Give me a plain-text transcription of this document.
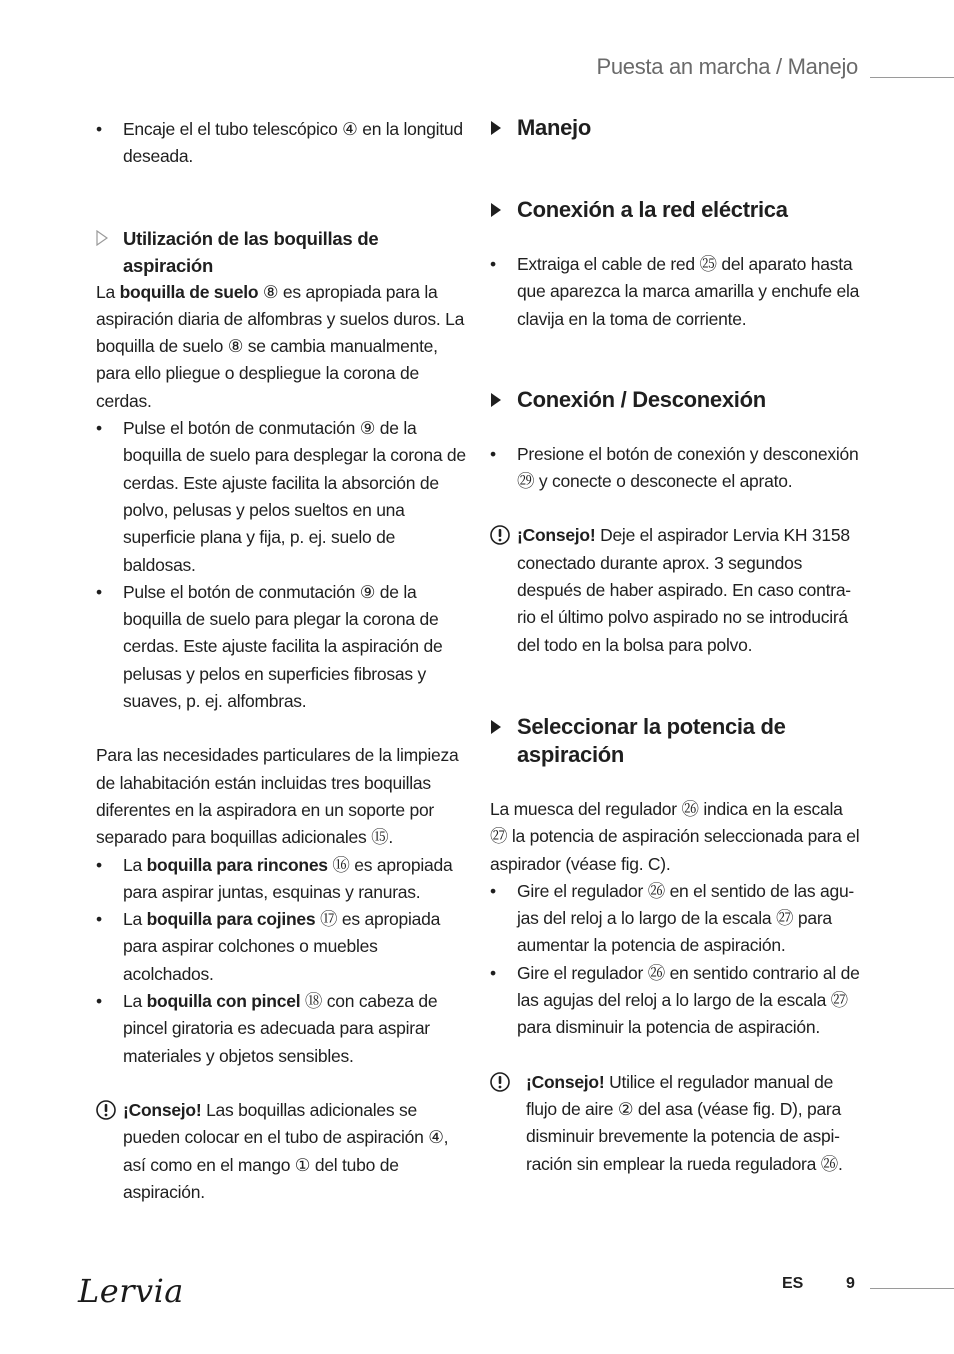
Puesta an marcha / Manejo

• Encaje el el tubo telescópico ④ en la longitud deseada.

Utilización de las boquillas de aspiración

La boquilla de suelo ⑧ es apropiada para la aspiración diaria de alfombras y suelos duros. La boquilla de suelo ⑧ se cambia manualmente, para ello pliegue o despliegue la corona de cerdas.

• Pulse el botón de conmutación ⑨ de la boquilla de suelo para desplegar la corona de cerdas. Este ajuste facilita la absorción de polvo, pelusas y pelos sueltos en una superficie plana y fija, p. ej. suelo de baldosas.

• Pulse el botón de conmutación ⑨ de la boquilla de suelo para plegar la corona de cerdas. Este ajuste facilita la aspiración de pelusas y pelos en superficies fibrosas y suaves, p. ej. alfombras.

Para las necesidades particulares de la limpieza de lahabitación están incluidas tres boquillas diferentes en la aspiradora en un soporte por separado para boquillas adicionales ⑮.

• La boquilla para rincones ⑯ es apropiada para aspirar juntas, esquinas y ranuras.

• La boquilla para cojines ⑰ es apropiada para aspirar colchones o muebles acolchados.

• La boquilla con pincel ⑱ con cabeza de pincel giratoria es adecuada para aspirar materiales y objetos sensibles.

¡Consejo! Las boquillas adicionales se pueden colocar en el tubo de aspiración ④, así como en el mango ① del tubo de aspiración.

Manejo
Conexión a la red eléctrica

• Extraiga el cable de red ㉕ del aparato hasta que aparezca la marca amarilla y enchufe ela clavija en la toma de corriente.

Conexión / Desconexión

• Presione el botón de conexión y desconexión ㉙ y conecte o desconecte el aprato.

¡Consejo! Deje el aspirador Lervia KH 3158 conectado durante aprox. 3 segundos después de haber aspirado. En caso contra-rio el último polvo aspirado no se introducirá del todo en la bolsa para polvo.

Seleccionar la potencia de aspiración

La muesca del regulador ㉖ indica en la escala ㉗ la potencia de aspiración seleccionada para el aspirador (véase fig. C).

• Gire el regulador ㉖ en el sentido de las agu-jas del reloj a lo largo de la escala ㉗ para aumentar la potencia de aspiración.

• Gire el regulador ㉖ en sentido contrario al de las agujas del reloj a lo largo de la escala ㉗ para disminuir la potencia de aspiración.

¡Consejo! Utilice el regulador manual de flujo de aire ② del asa (véase fig. D), para disminuir brevemente la potencia de aspi-ración sin emplear la rueda reguladora ㉖.

Lervia	ES	9
